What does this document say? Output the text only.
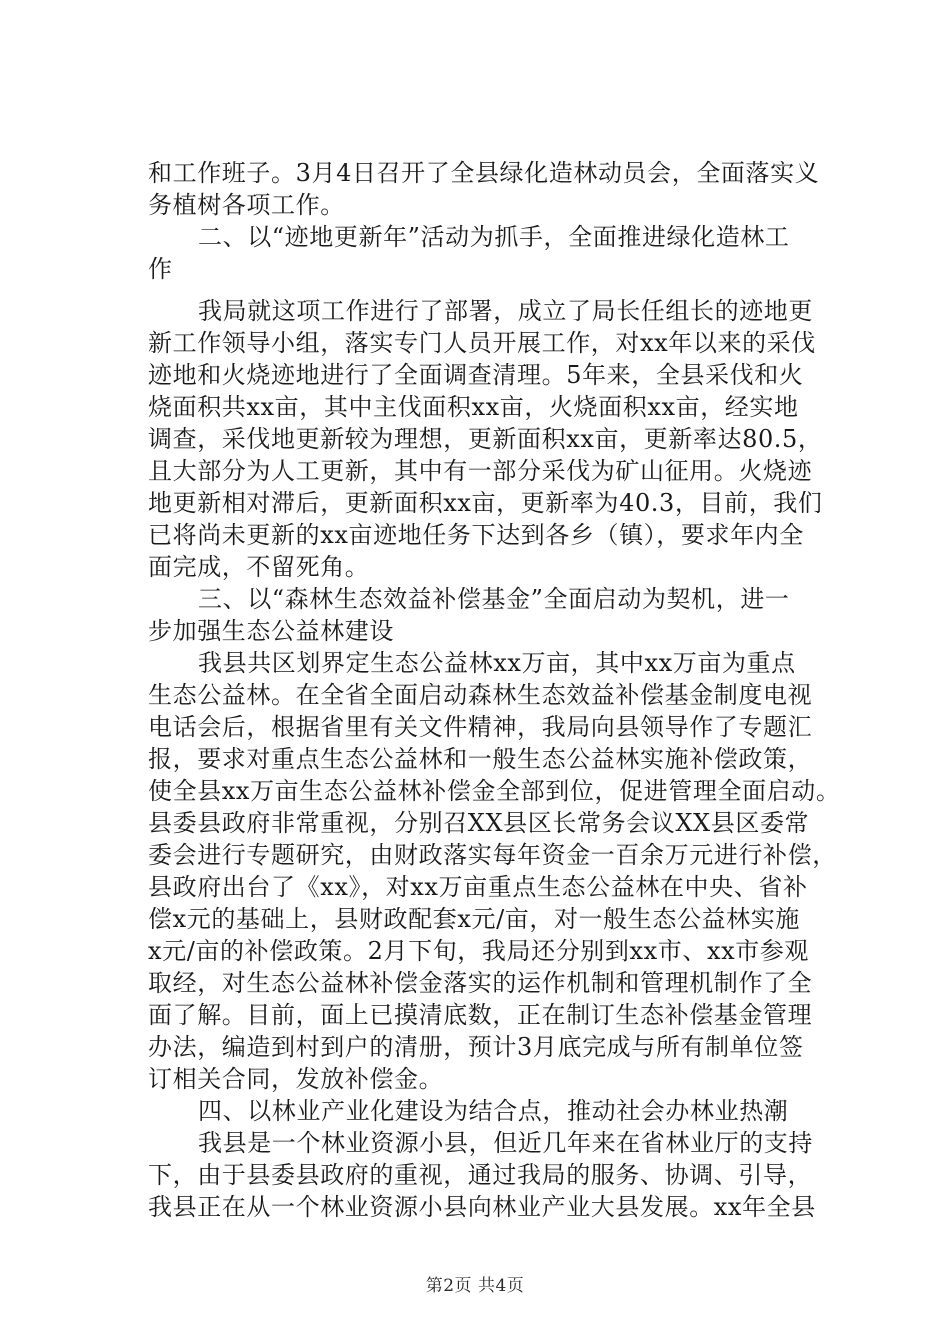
和工作班子。3月4日召开了全县绿化造林动员会，全面落实义
务植树各项工作。
二、以“迹地更新年”活动为抓手，全面推进绿化造林工
作
我局就这项工作进行了部署，成立了局长任组长的迹地更
新工作领导小组，落实专门人员开展工作，对xx年以来的采伐
迹地和火烧迹地进行了全面调查清理。5年来，全县采伐和火
烧面积共xx亩，其中主伐面积xx亩，火烧面积xx亩，经实地
调查，采伐地更新较为理想，更新面积xx亩，更新率达80.5，
且大部分为人工更新，其中有一部分采伐为矿山征用。火烧迹
地更新相对滞后，更新面积xx亩，更新率为40.3，目前，我们
已将尚未更新的xx亩迹地任务下达到各乡（镇），要求年内全
面完成，不留死角。
三、以“森林生态效益补偿基金”全面启动为契机，进一
步加强生态公益林建设
我县共区划界定生态公益林xx万亩，其中xx万亩为重点
生态公益林。在全省全面启动森林生态效益补偿基金制度电视
电话会后，根据省里有关文件精神，我局向县领导作了专题汇
报，要求对重点生态公益林和一般生态公益林实施补偿政策，
使全县xx万亩生态公益林补偿金全部到位，促进管理全面启动。
县委县政府非常重视，分别召XX县区长常务会议XX县区委常
委会进行专题研究，由财政落实每年资金一百余万元进行补偿，
县政府出台了《xx》，对xx万亩重点生态公益林在中央、省补
偿x元的基础上，县财政配套x元/亩，对一般生态公益林实施
x元/亩的补偿政策。2月下旬，我局还分别到xx市、xx市参观
取经，对生态公益林补偿金落实的运作机制和管理机制作了全
面了解。目前，面上已摸清底数，正在制订生态补偿基金管理
办法，编造到村到户的清册，预计3月底完成与所有制单位签
订相关合同，发放补偿金。
四、以林业产业化建设为结合点，推动社会办林业热潮
我县是一个林业资源小县，但近几年来在省林业厅的支持
下，由于县委县政府的重视，通过我局的服务、协调、引导，
我县正在从一个林业资源小县向林业产业大县发展。xx年全县
第2页 共4页
